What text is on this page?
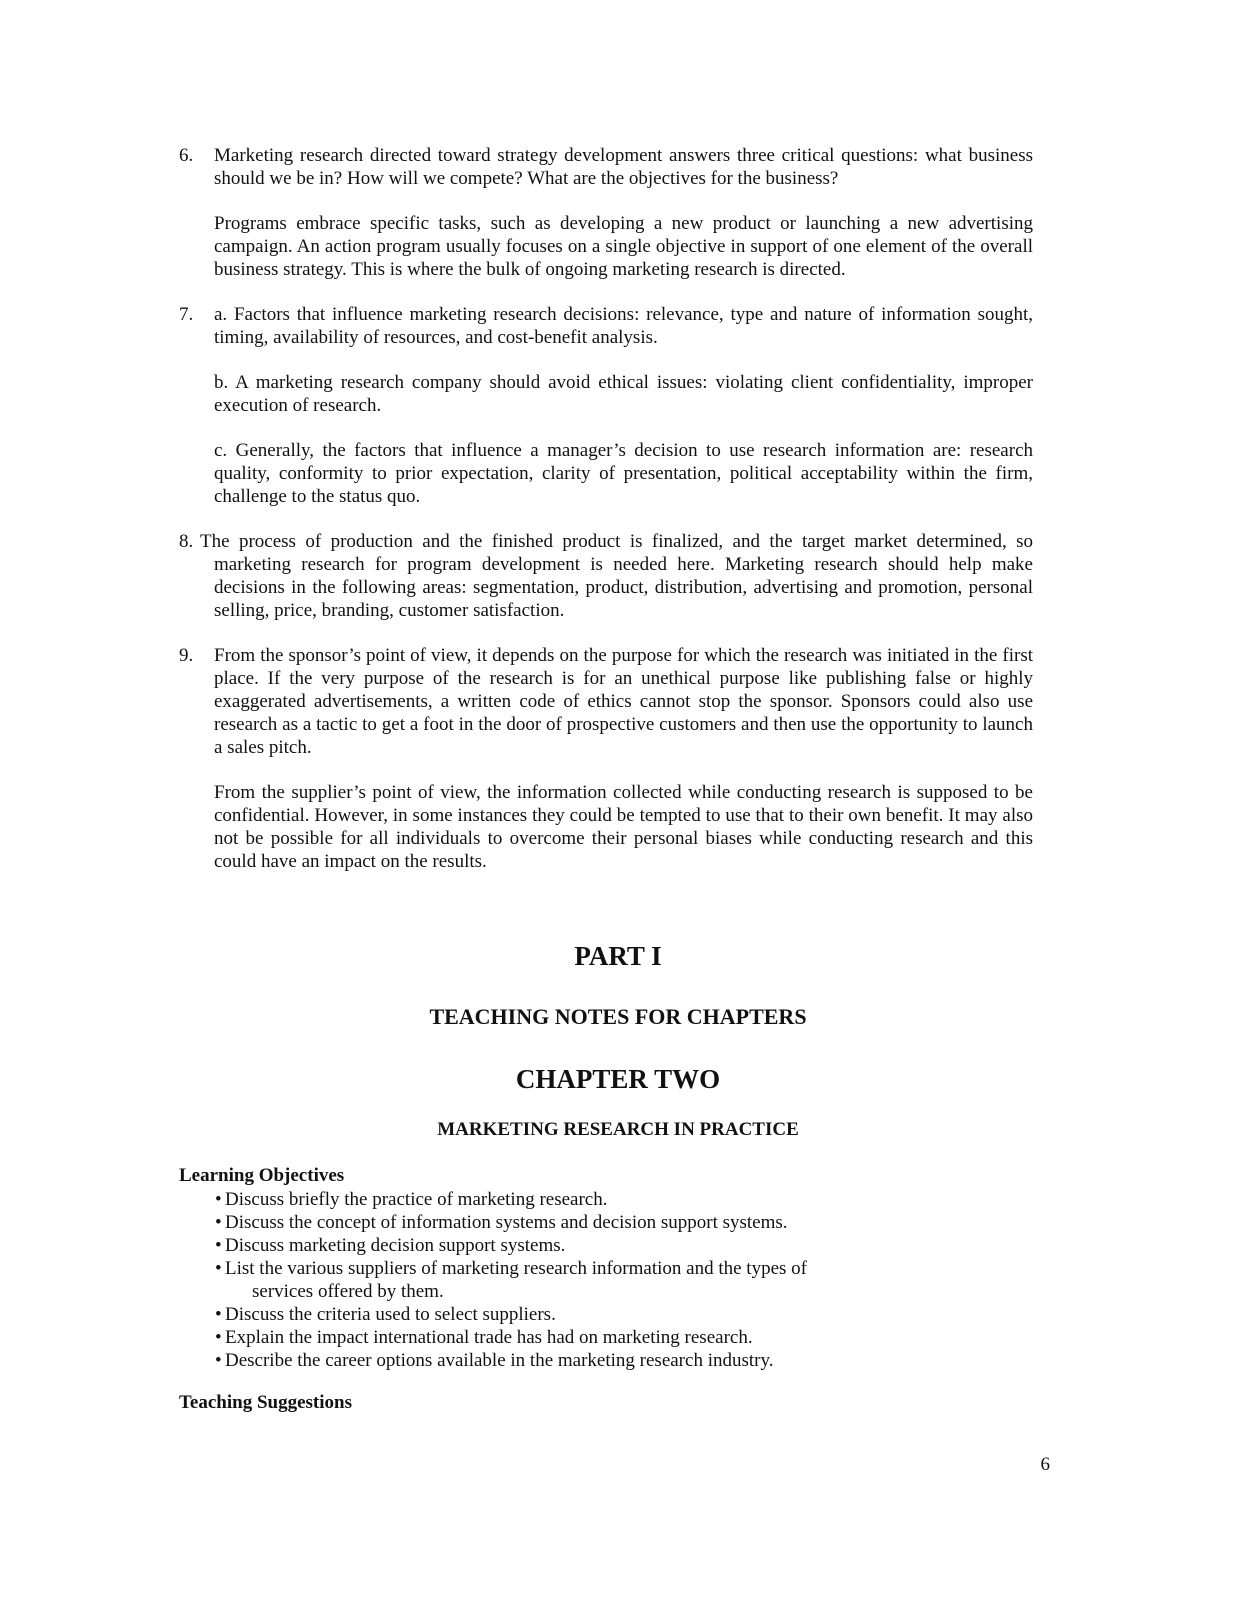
6. Marketing research directed toward strategy development answers three critical questions: what business should we be in? How will we compete? What are the objectives for the business?

Programs embrace specific tasks, such as developing a new product or launching a new advertising campaign. An action program usually focuses on a single objective in support of one element of the overall business strategy. This is where the bulk of ongoing marketing research is directed.

7. a. Factors that influence marketing research decisions: relevance, type and nature of information sought, timing, availability of resources, and cost-benefit analysis.

b. A marketing research company should avoid ethical issues: violating client confidentiality, improper execution of research.

c. Generally, the factors that influence a manager’s decision to use research information are: research quality, conformity to prior expectation, clarity of presentation, political acceptability within the firm, challenge to the status quo.

8. The process of production and the finished product is finalized, and the target market determined, so marketing research for program development is needed here. Marketing research should help make decisions in the following areas: segmentation, product, distribution, advertising and promotion, personal selling, price, branding, customer satisfaction.

9. From the sponsor’s point of view, it depends on the purpose for which the research was initiated in the first place. If the very purpose of the research is for an unethical purpose like publishing false or highly exaggerated advertisements, a written code of ethics cannot stop the sponsor. Sponsors could also use research as a tactic to get a foot in the door of prospective customers and then use the opportunity to launch a sales pitch.

From the supplier’s point of view, the information collected while conducting research is supposed to be confidential. However, in some instances they could be tempted to use that to their own benefit. It may also not be possible for all individuals to overcome their personal biases while conducting research and this could have an impact on the results.

PART I
TEACHING NOTES FOR CHAPTERS
CHAPTER TWO
MARKETING RESEARCH IN PRACTICE

Learning Objectives

• Discuss briefly the practice of marketing research.
• Discuss the concept of information systems and decision support systems.
• Discuss marketing decision support systems.
• List the various suppliers of marketing research information and the types of services offered by them.
• Discuss the criteria used to select suppliers.
• Explain the impact international trade has had on marketing research.
• Describe the career options available in the marketing research industry.

Teaching Suggestions

6
